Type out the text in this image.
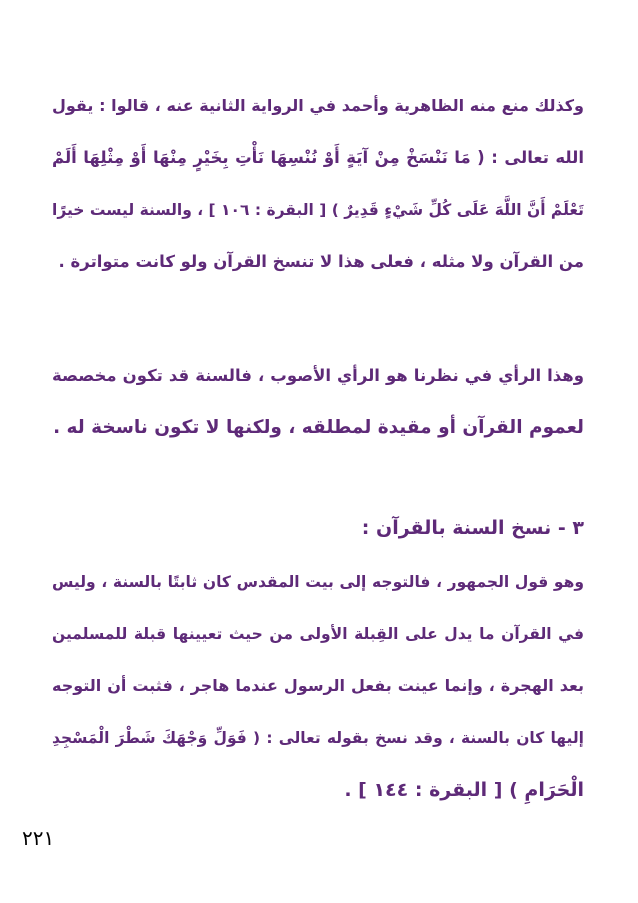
وكذلك منع منه الظاهرية وأحمد في الرواية الثانية عنه ، قالوا : يقول
الله تعالى : ( مَا نَنْسَخْ مِنْ آيَةٍ أَوْ نُنْسِهَا نَأْتِ بِخَيْرٍ مِنْهَا أَوْ مِثْلِهَا أَلَمْ
تَعْلَمْ أَنَّ اللَّهَ عَلَى كُلِّ شَيْءٍ قَدِيرٌ ) [ البقرة : ١٠٦ ] ، والسنة ليست خيرًا
من القرآن ولا مثله ، فعلى هذا لا تنسخ القرآن ولو كانت متواترة .
وهذا الرأي في نظرنا هو الرأي الأصوب ، فالسنة قد تكون مخصصة
لعموم القرآن أو مقيدة لمطلقه ، ولكنها لا تكون ناسخة له .
٣ - نسخ السنة بالقرآن :
وهو قول الجمهور ، فالتوجه إلى بيت المقدس كان ثابتًا بالسنة ، وليس
في القرآن ما يدل على القِبلة الأولى من حيث تعيينها قبلة للمسلمين
بعد الهجرة ، وإنما عينت بفعل الرسول عندما هاجر ، فثبت أن التوجه
إليها كان بالسنة ، وقد نسخ بقوله تعالى : ( فَوَلِّ وَجْهَكَ شَطْرَ الْمَسْجِدِ
الْحَرَامِ ) [ البقرة : ١٤٤ ] .
٢٢١
